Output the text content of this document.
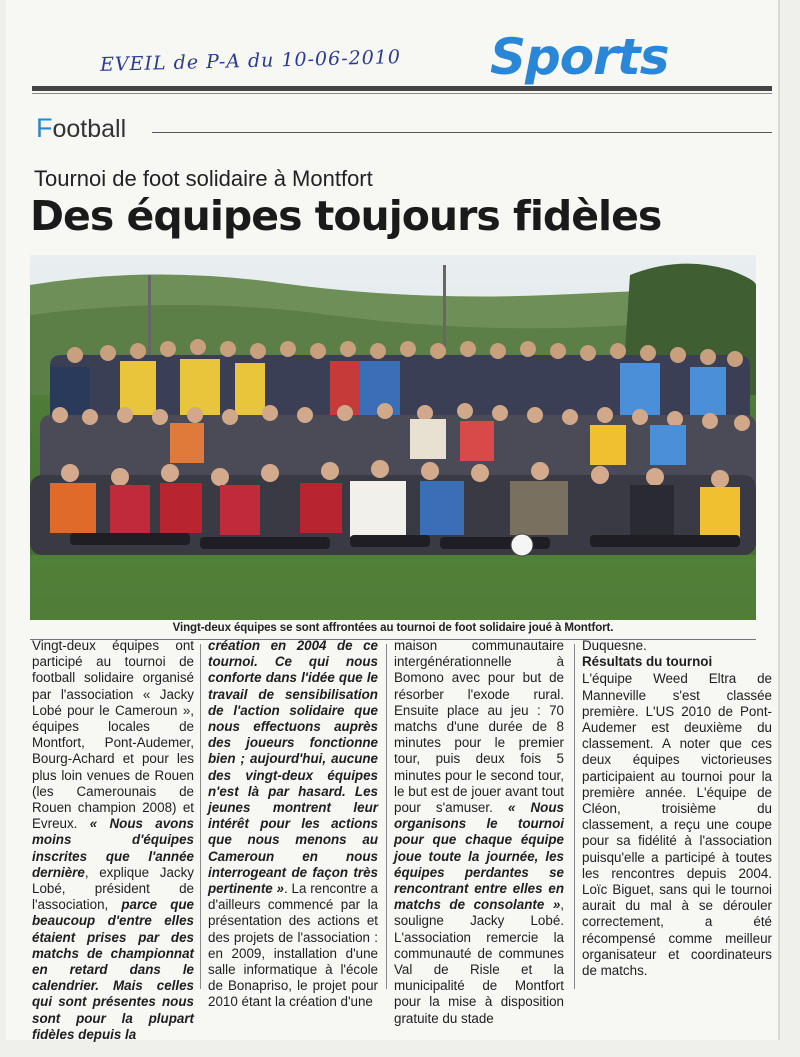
EVEIL de P-A du 10-06-2010 Sports
Football
Tournoi de foot solidaire à Montfort
Des équipes toujours fidèles
Vingt-deux équipes se sont affrontées au tournoi de foot solidaire joué à Montfort.

Vingt-deux équipes ont participé au tournoi de football solidaire organisé par l'association « Jacky Lobé pour le Cameroun », équipes locales de Montfort, Pont-Audemer, Bourg-Achard et pour les plus loin venues de Rouen (les Camerounais de Rouen champion 2008) et Evreux. « Nous avons moins d'équipes inscrites que l'année dernière, explique Jacky Lobé, président de l'association, parce que beaucoup d'entre elles étaient prises par des matchs de championnat en retard dans le calendrier. Mais celles qui sont présentes nous sont pour la plupart fidèles depuis la

création en 2004 de ce tournoi. Ce qui nous conforte dans l'idée que le travail de sensibilisation de l'action solidaire que nous effectuons auprès des joueurs fonctionne bien ; aujourd'hui, aucune des vingt-deux équipes n'est là par hasard. Les jeunes montrent leur intérêt pour les actions que nous menons au Cameroun en nous interrogeant de façon très pertinente ». La rencontre a d'ailleurs commencé par la présentation des actions et des projets de l'association : en 2009, installation d'une salle informatique à l'école de Bonapriso, le projet pour 2010 étant la création d'une

maison communautaire intergénérationnelle à Bomono avec pour but de résorber l'exode rural. Ensuite place au jeu : 70 matchs d'une durée de 8 minutes pour le premier tour, puis deux fois 5 minutes pour le second tour, le but est de jouer avant tout pour s'amuser. « Nous organisons le tournoi pour que chaque équipe joue toute la journée, les équipes perdantes se rencontrant entre elles en matchs de consolante », souligne Jacky Lobé. L'association remercie la communauté de communes Val de Risle et la municipalité de Montfort pour la mise à disposition gratuite du stade

Duquesne.

Résultats du tournoi

L'équipe Weed Eltra de Manneville s'est classée première. L'US 2010 de Pont-Audemer est deuxième du classement. A noter que ces deux équipes victorieuses participaient au tournoi pour la première année. L'équipe de Cléon, troisième du classement, a reçu une coupe pour sa fidélité à l'association puisqu'elle a participé à toutes les rencontres depuis 2004. Loïc Biguet, sans qui le tournoi aurait du mal à se dérouler correctement, a été récompensé comme meilleur organisateur et coordinateurs de matchs.
